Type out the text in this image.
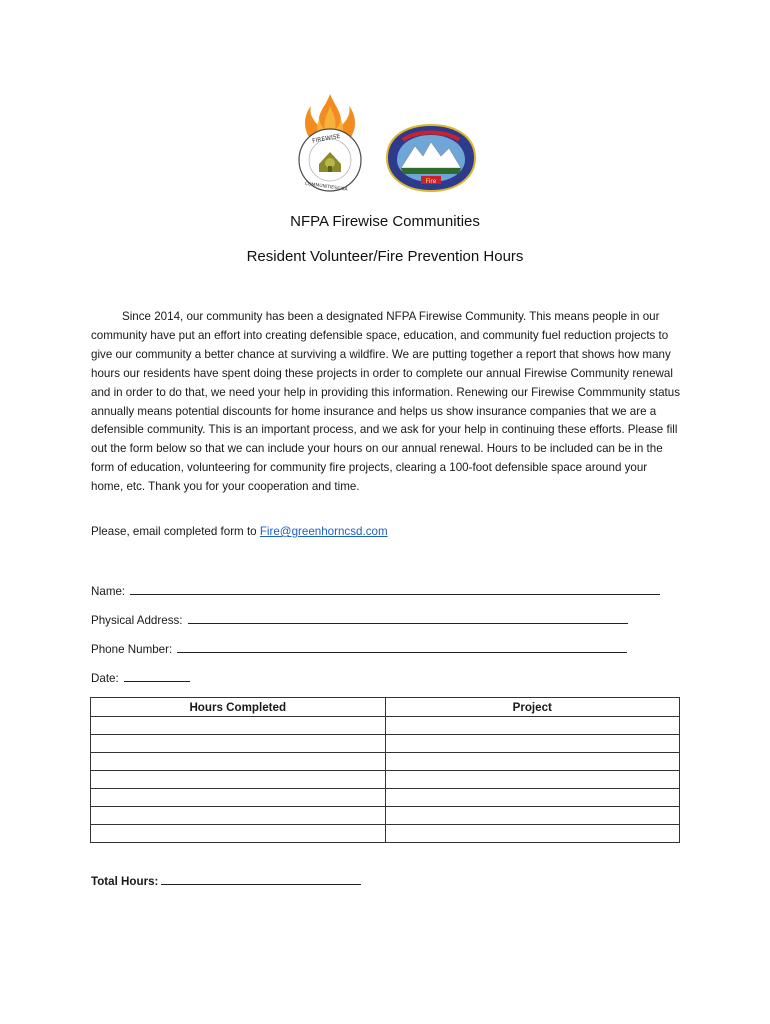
FIREWISE
COMMUNITIES/USA
Fire
NFPA Firewise Communities
Resident Volunteer/Fire Prevention Hours

Since 2014, our community has been a designated NFPA Firewise Community. This means people in our community have put an effort into creating defensible space, education, and community fuel reduction projects to give our community a better chance at surviving a wildfire. We are putting together a report that shows how many hours our residents have spent doing these projects in order to complete our annual Firewise Community renewal and in order to do that, we need your help in providing this information. Renewing our Firewise Commmunity status annually means potential discounts for home insurance and helps us show insurance companies that we are a defensible community. This is an important process, and we ask for your help in continuing these efforts. Please fill out the form below so that we can include your hours on our annual renewal. Hours to be included can be in the form of education, volunteering for community fire projects, clearing a 100-foot defensible space around your home, etc. Thank you for your cooperation and time.

Please, email completed form to Fire@greenhorncsd.com
Name:
Physical Address:
Phone Number:
Date:
Hours Completed	Project

Total Hours:
